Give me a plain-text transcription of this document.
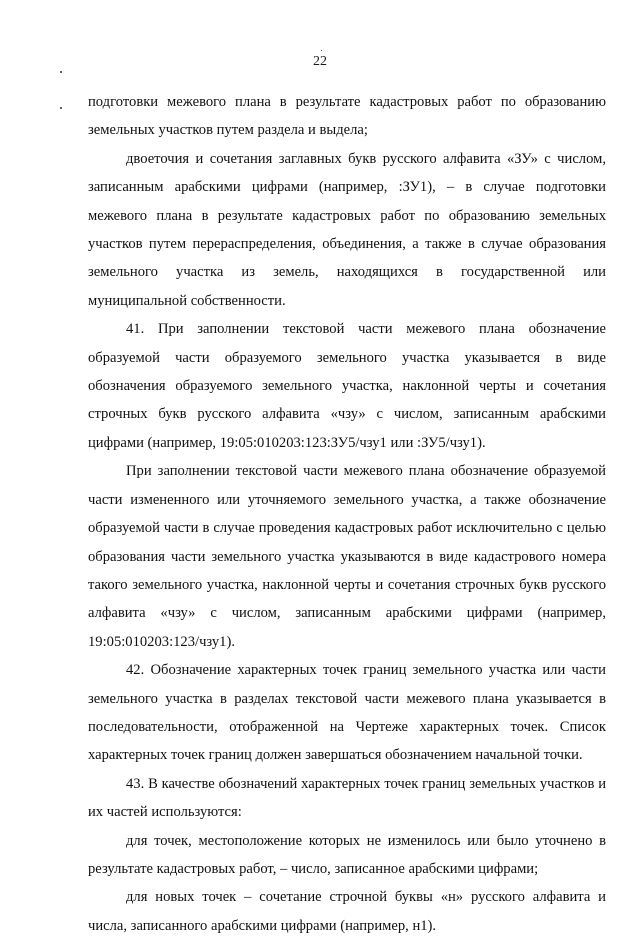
22

подготовки межевого плана в результате кадастровых работ по образованию земельных участков путем раздела и выдела;

двоеточия и сочетания заглавных букв русского алфавита «ЗУ» с числом, записанным арабскими цифрами (например, :ЗУ1), – в случае подготовки межевого плана в результате кадастровых работ по образованию земельных участков путем перераспределения, объединения, а также в случае образования земельного участка из земель, находящихся в государственной или муниципальной собственности.

41. При заполнении текстовой части межевого плана обозначение образуемой части образуемого земельного участка указывается в виде обозначения образуемого земельного участка, наклонной черты и сочетания строчных букв русского алфавита «чзу» с числом, записанным арабскими цифрами (например, 19:05:010203:123:ЗУ5/чзу1 или :ЗУ5/чзу1).

При заполнении текстовой части межевого плана обозначение образуемой части измененного или уточняемого земельного участка, а также обозначение образуемой части в случае проведения кадастровых работ исключительно с целью образования части земельного участка указываются в виде кадастрового номера такого земельного участка, наклонной черты и сочетания строчных букв русского алфавита «чзу» с числом, записанным арабскими цифрами (например, 19:05:010203:123/чзу1).

42. Обозначение характерных точек границ земельного участка или части земельного участка в разделах текстовой части межевого плана указывается в последовательности, отображенной на Чертеже характерных точек. Список характерных точек границ должен завершаться обозначением начальной точки.

43. В качестве обозначений характерных точек границ земельных участков и их частей используются:

для точек, местоположение которых не изменилось или было уточнено в результате кадастровых работ, – число, записанное арабскими цифрами;

для новых точек – сочетание строчной буквы «н» русского алфавита и числа, записанного арабскими цифрами (например, н1).
